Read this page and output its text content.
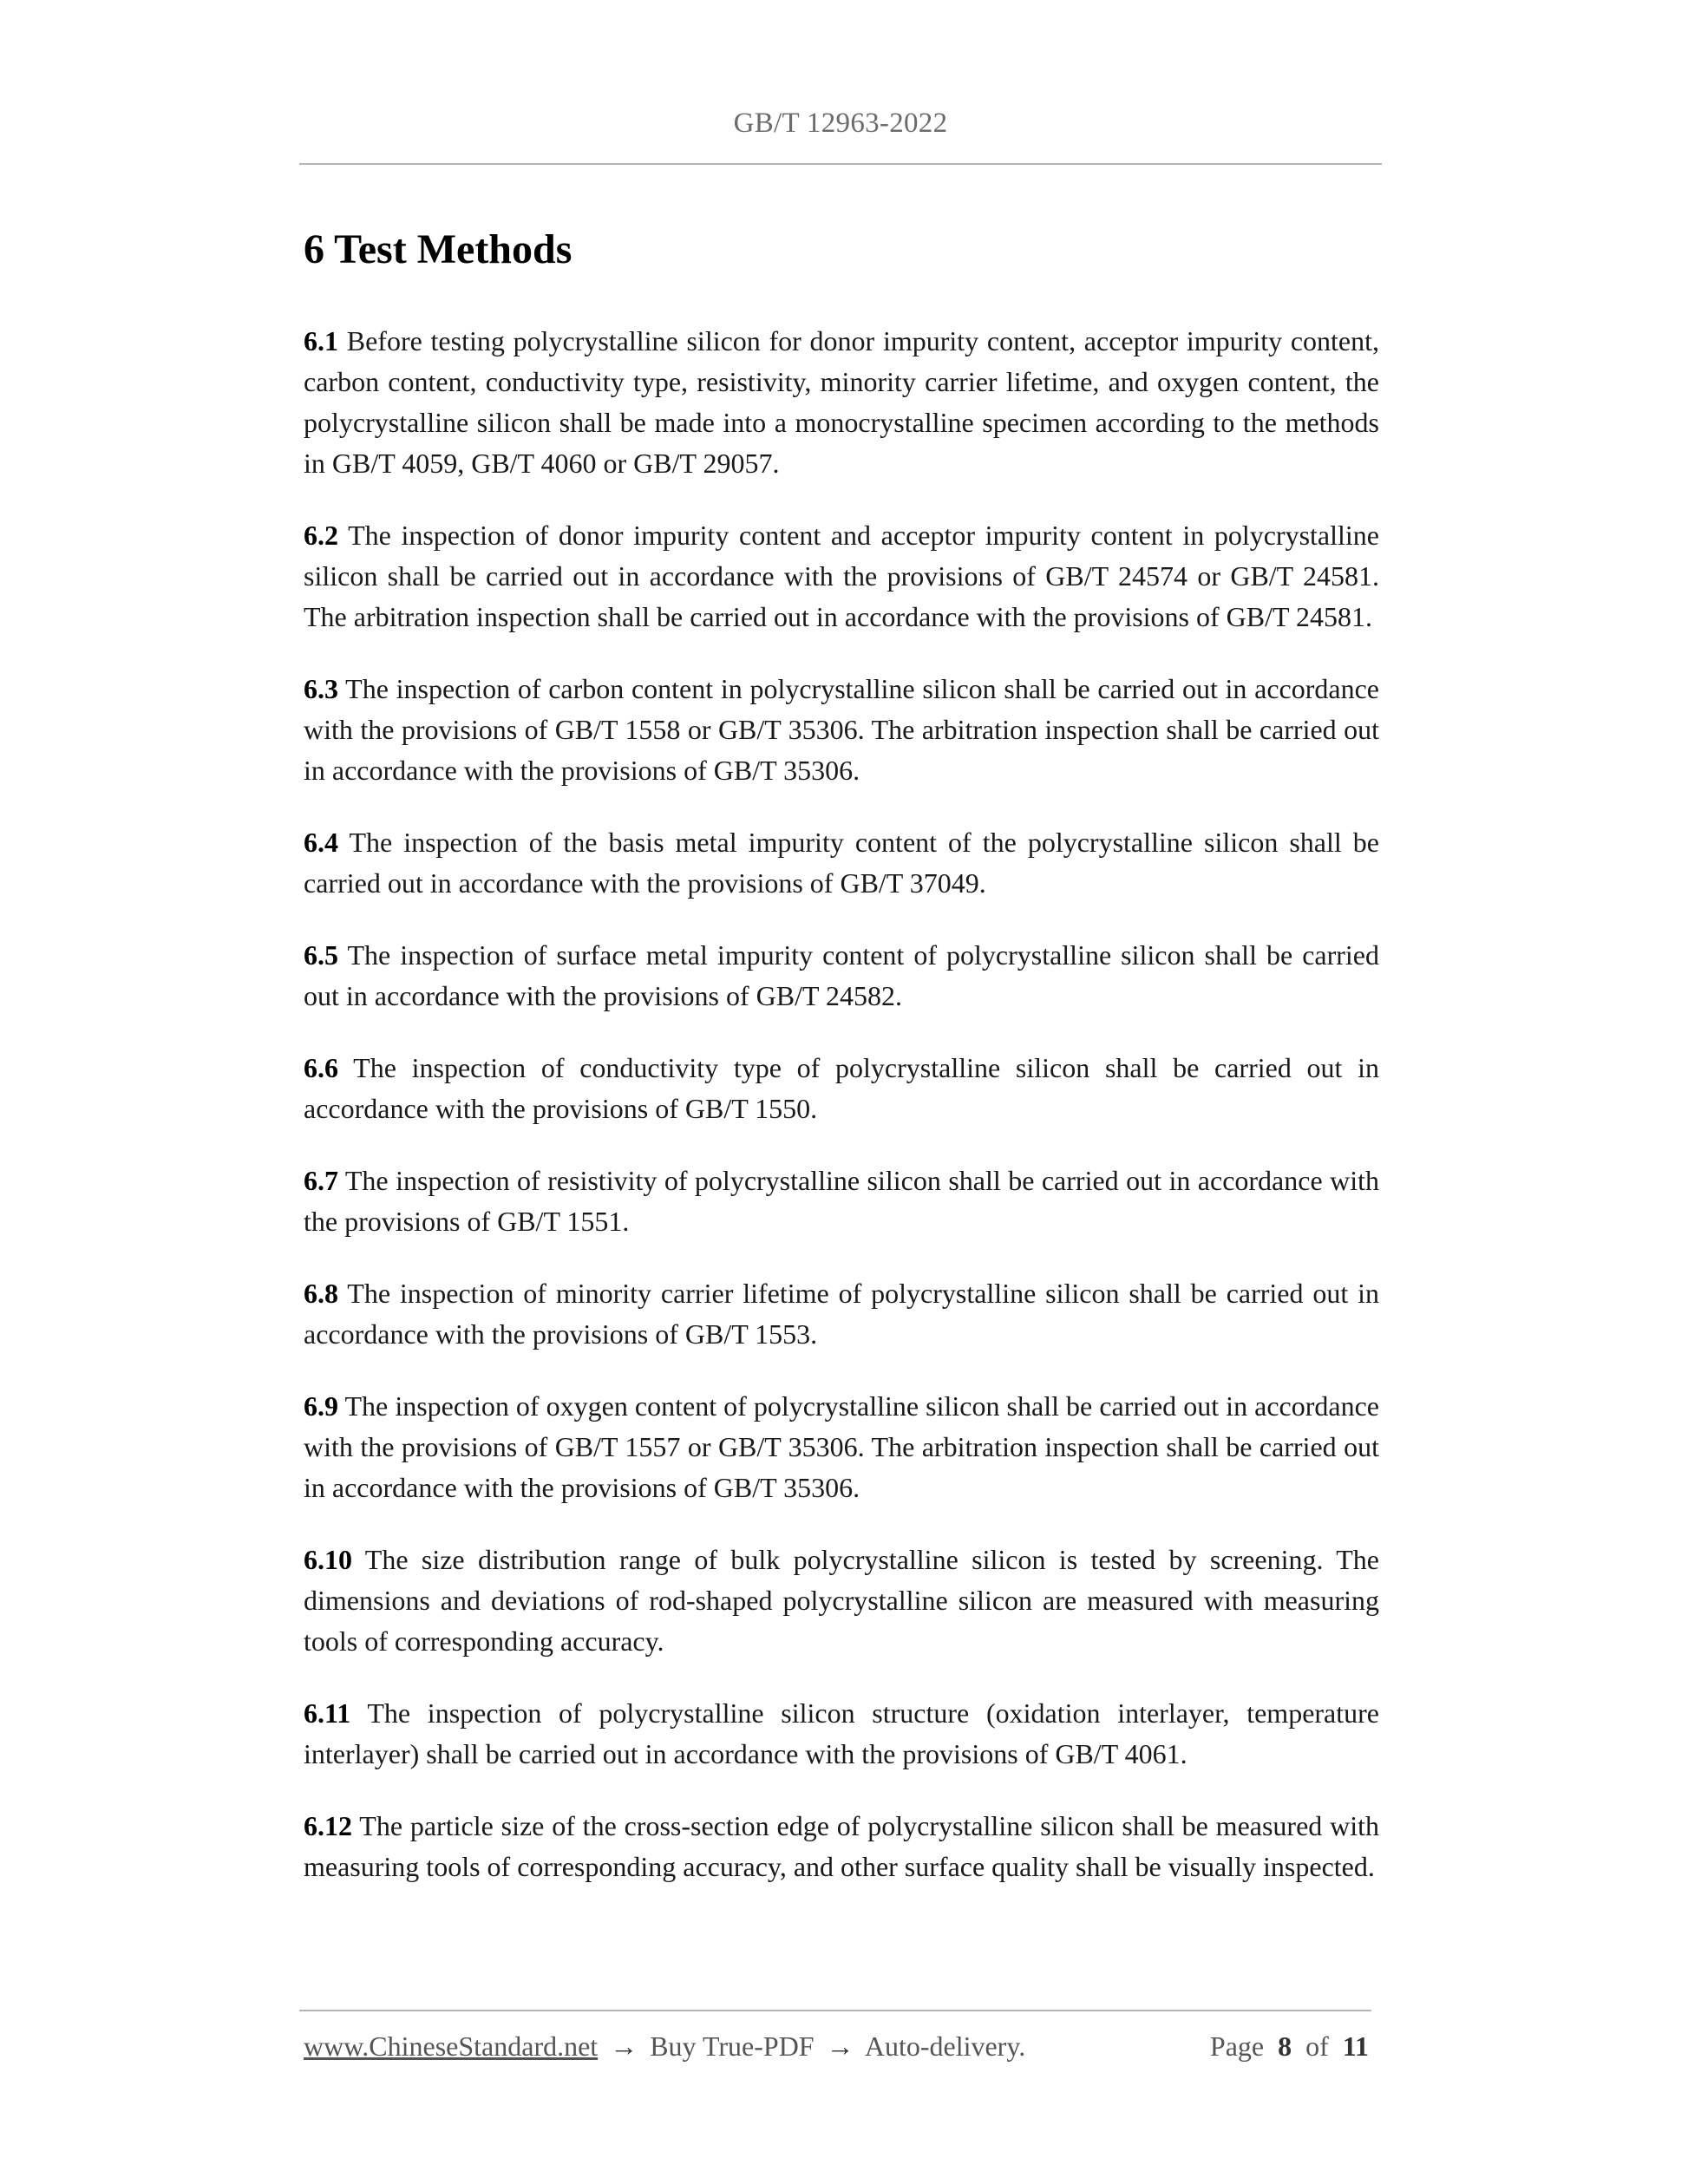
GB/T 12963-2022
6 Test Methods

6.1 Before testing polycrystalline silicon for donor impurity content, acceptor impurity content, carbon content, conductivity type, resistivity, minority carrier lifetime, and oxygen content, the polycrystalline silicon shall be made into a monocrystalline specimen according to the methods in GB/T 4059, GB/T 4060 or GB/T 29057.

6.2 The inspection of donor impurity content and acceptor impurity content in polycrystalline silicon shall be carried out in accordance with the provisions of GB/T 24574 or GB/T 24581. The arbitration inspection shall be carried out in accordance with the provisions of GB/T 24581.

6.3 The inspection of carbon content in polycrystalline silicon shall be carried out in accordance with the provisions of GB/T 1558 or GB/T 35306. The arbitration inspection shall be carried out in accordance with the provisions of GB/T 35306.

6.4 The inspection of the basis metal impurity content of the polycrystalline silicon shall be carried out in accordance with the provisions of GB/T 37049.

6.5 The inspection of surface metal impurity content of polycrystalline silicon shall be carried out in accordance with the provisions of GB/T 24582.

6.6 The inspection of conductivity type of polycrystalline silicon shall be carried out in accordance with the provisions of GB/T 1550.

6.7 The inspection of resistivity of polycrystalline silicon shall be carried out in accordance with the provisions of GB/T 1551.

6.8 The inspection of minority carrier lifetime of polycrystalline silicon shall be carried out in accordance with the provisions of GB/T 1553.

6.9 The inspection of oxygen content of polycrystalline silicon shall be carried out in accordance with the provisions of GB/T 1557 or GB/T 35306. The arbitration inspection shall be carried out in accordance with the provisions of GB/T 35306.

6.10 The size distribution range of bulk polycrystalline silicon is tested by screening. The dimensions and deviations of rod-shaped polycrystalline silicon are measured with measuring tools of corresponding accuracy.

6.11 The inspection of polycrystalline silicon structure (oxidation interlayer, temperature interlayer) shall be carried out in accordance with the provisions of GB/T 4061.

6.12 The particle size of the cross-section edge of polycrystalline silicon shall be measured with measuring tools of corresponding accuracy, and other surface quality shall be visually inspected.

www.ChineseStandard.net → Buy True-PDF → Auto-delivery.	Page 8 of 11
